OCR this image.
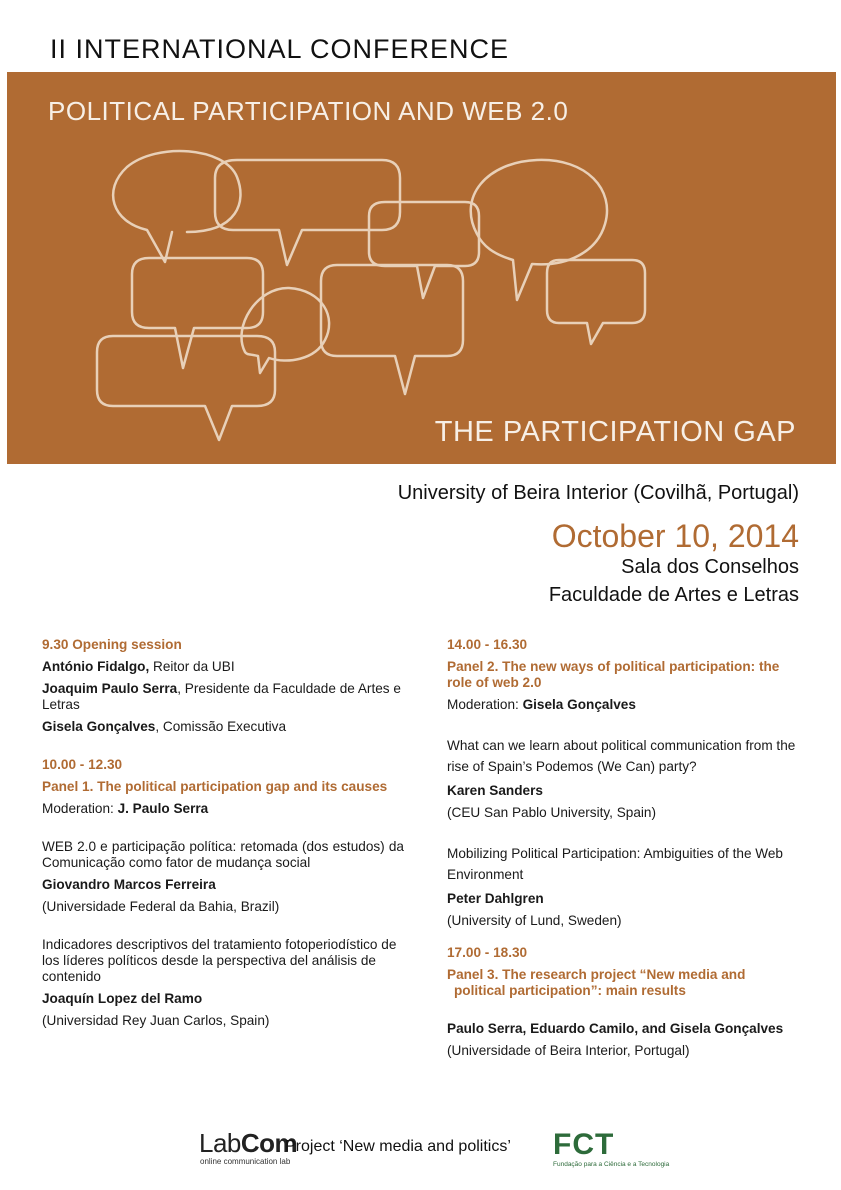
II INTERNATIONAL CONFERENCE
POLITICAL PARTICIPATION AND WEB 2.0
THE PARTICIPATION GAP
University of Beira Interior (Covilhã, Portugal)
October 10, 2014
Sala dos Conselhos
Faculdade de Artes e Letras
9.30 Opening session
António Fidalgo, Reitor da UBI
Joaquim Paulo Serra, Presidente da Faculdade de Artes e Letras
Gisela Gonçalves, Comissão Executiva
10.00 - 12.30
Panel 1. The political participation gap and its causes
Moderation: J. Paulo Serra
WEB 2.0 e participação política: retomada (dos estudos) da Comunicação como fator de mudança social
Giovandro Marcos Ferreira
(Universidade Federal da Bahia, Brazil)
Indicadores descriptivos del tratamiento fotoperiodístico de los líderes políticos desde la perspectiva del análisis de contenido
Joaquín Lopez del Ramo
(Universidad Rey Juan Carlos, Spain)
14.00 - 16.30
Panel 2. The new ways of political participation: the role of web 2.0
Moderation: Gisela Gonçalves
What can we learn about political communication from the rise of Spain’s Podemos (We Can) party?
Karen Sanders
(CEU San Pablo University, Spain)
Mobilizing Political Participation: Ambiguities of the Web Environment
Peter Dahlgren
(University of Lund, Sweden)
17.00 - 18.30
Panel 3. The research project “New media and
political participation”: main results
Paulo Serra, Eduardo Camilo, and Gisela Gonçalves
(Universidade of Beira Interior, Portugal)
LabCom
online communication lab
Project ‘New media and politics’ FCT
Fundação para a Ciência e a Tecnologia
